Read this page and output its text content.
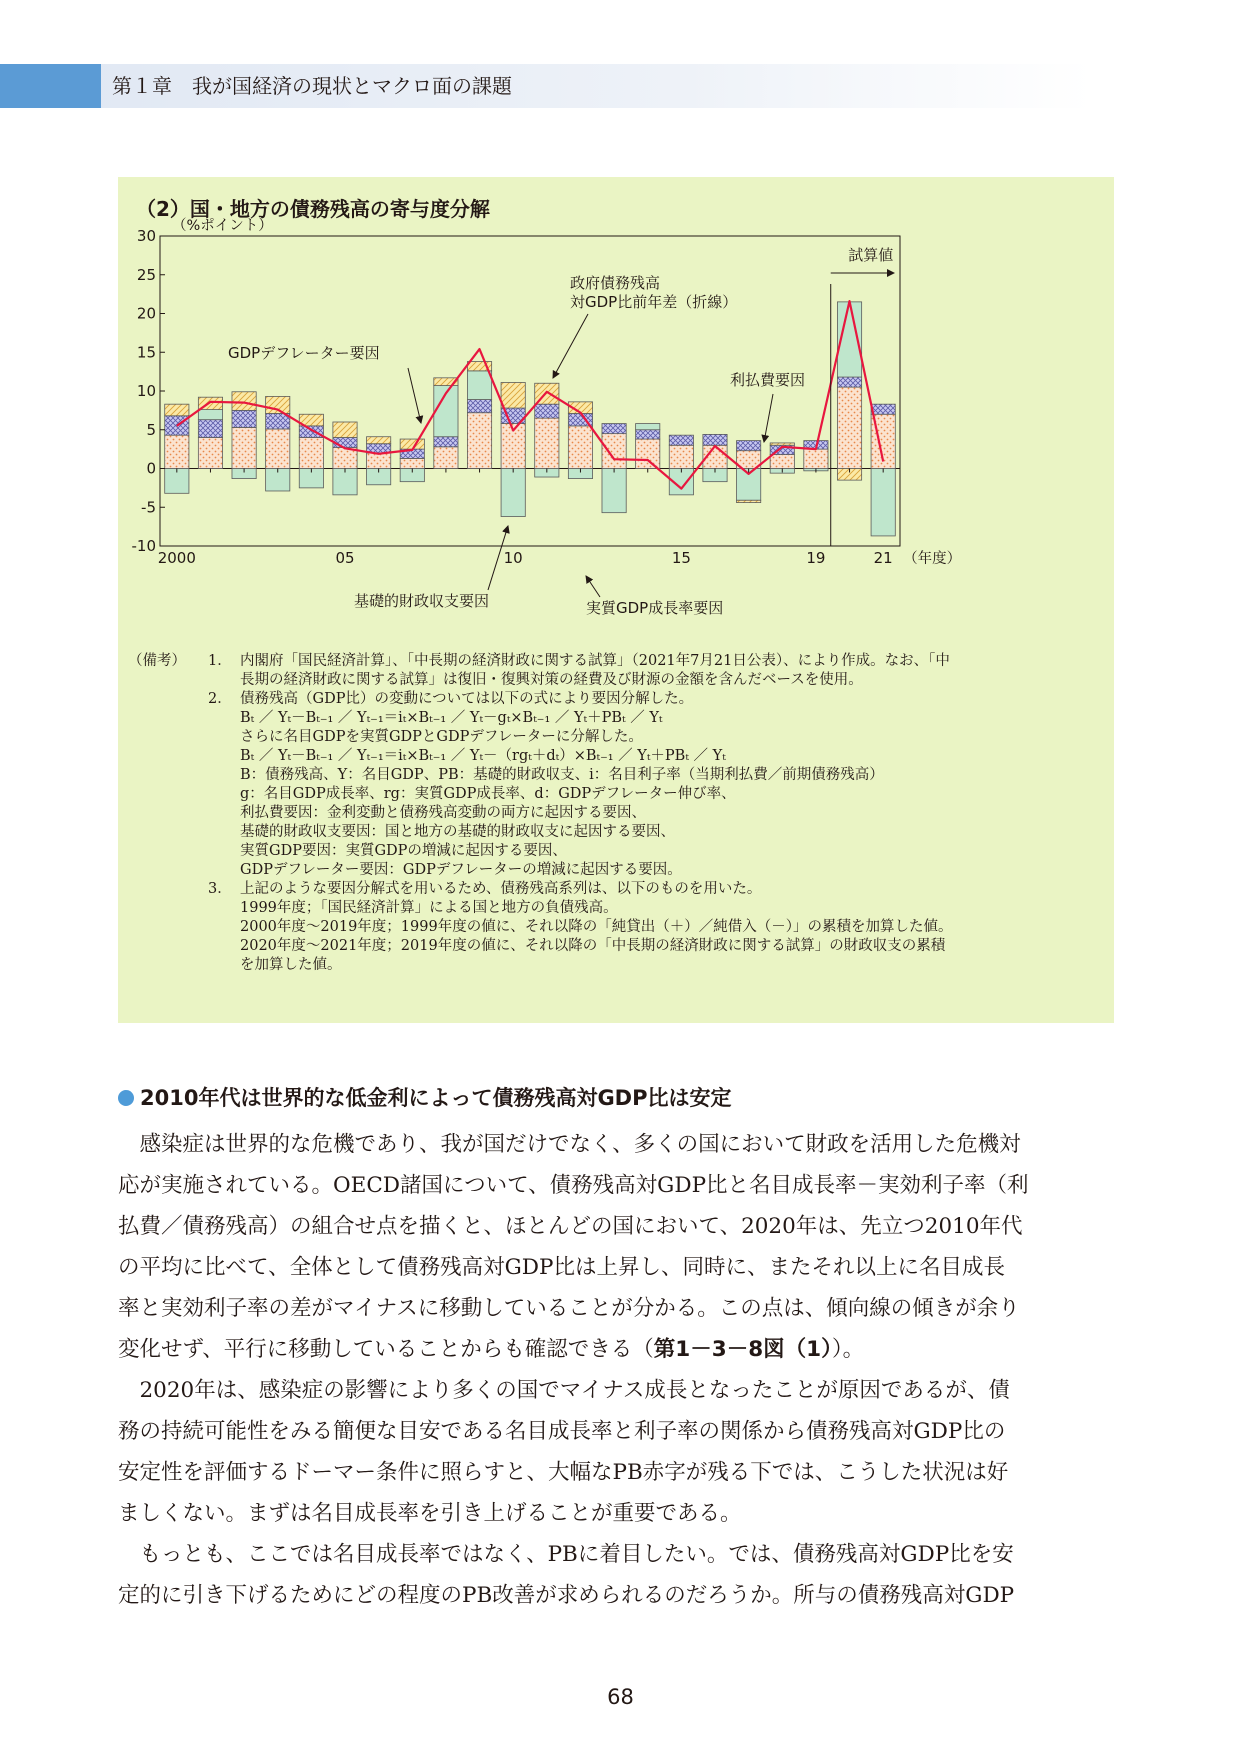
第１章　我が国経済の現状とマクロ面の課題
（2）国・地方の債務残高の寄与度分解
試算値
GDPデフレーター要因
政府債務残高
対GDP比前年差（折線）
利払費要因
基礎的財政収支要因	実質GDP成長率要因
30
25
20
15
10
5
0
-5
-10
（%ポイント）
2000	05	10	15	19	21 （年度）
（備考） 1． 内閣府「国民経済計算」、「中長期の経済財政に関する試算」（2021年7月21日公表）、により作成。なお、「中
長期の経済財政に関する試算」は復旧・復興対策の経費及び財源の金額を含んだベースを使用。
2． 債務残高（GDP比）の変動については以下の式により要因分解した。
Bₜ ／ Yₜ－Bₜ₋₁ ／ Yₜ₋₁＝iₜ×Bₜ₋₁ ／ Yₜ－gₜ×Bₜ₋₁ ／ Yₜ＋PBₜ ／ Yₜ
さらに名目GDPを実質GDPとGDPデフレーターに分解した。
Bₜ ／ Yₜ－Bₜ₋₁ ／ Yₜ₋₁＝iₜ×Bₜ₋₁ ／ Yₜ－（rgₜ＋dₜ）×Bₜ₋₁ ／ Yₜ＋PBₜ ／ Yₜ
B：債務残高、Y：名目GDP、PB：基礎的財政収支、i：名目利子率（当期利払費／前期債務残高）
g：名目GDP成長率、rg：実質GDP成長率、d：GDPデフレーター伸び率、
利払費要因：金利変動と債務残高変動の両方に起因する要因、
基礎的財政収支要因：国と地方の基礎的財政収支に起因する要因、
実質GDP要因：実質GDPの増減に起因する要因、
GDPデフレーター要因：GDPデフレーターの増減に起因する要因。
3． 上記のような要因分解式を用いるため、債務残高系列は、以下のものを用いた。
1999年度；「国民経済計算」による国と地方の負債残高。
2000年度～2019年度；1999年度の値に、それ以降の「純貸出（＋）／純借入（－）」の累積を加算した値。
2020年度～2021年度；2019年度の値に、それ以降の「中長期の経済財政に関する試算」の財政収支の累積
を加算した値。
2010年代は世界的な低金利によって債務残高対GDP比は安定

　感染症は世界的な危機であり、我が国だけでなく、多くの国において財政を活用した危機対

応が実施されている。OECD諸国について、債務残高対GDP比と名目成長率－実効利子率（利

払費／債務残高）の組合せ点を描くと、ほとんどの国において、2020年は、先立つ2010年代

の平均に比べて、全体として債務残高対GDP比は上昇し、同時に、またそれ以上に名目成長

率と実効利子率の差がマイナスに移動していることが分かる。この点は、傾向線の傾きが余り

変化せず、平行に移動していることからも確認できる（第1－3－8図（1））。

　2020年は、感染症の影響により多くの国でマイナス成長となったことが原因であるが、債

務の持続可能性をみる簡便な目安である名目成長率と利子率の関係から債務残高対GDP比の

安定性を評価するドーマー条件に照らすと、大幅なPB赤字が残る下では、こうした状況は好

ましくない。まずは名目成長率を引き上げることが重要である。

　もっとも、ここでは名目成長率ではなく、PBに着目したい。では、債務残高対GDP比を安

定的に引き下げるためにどの程度のPB改善が求められるのだろうか。所与の債務残高対GDP

68
